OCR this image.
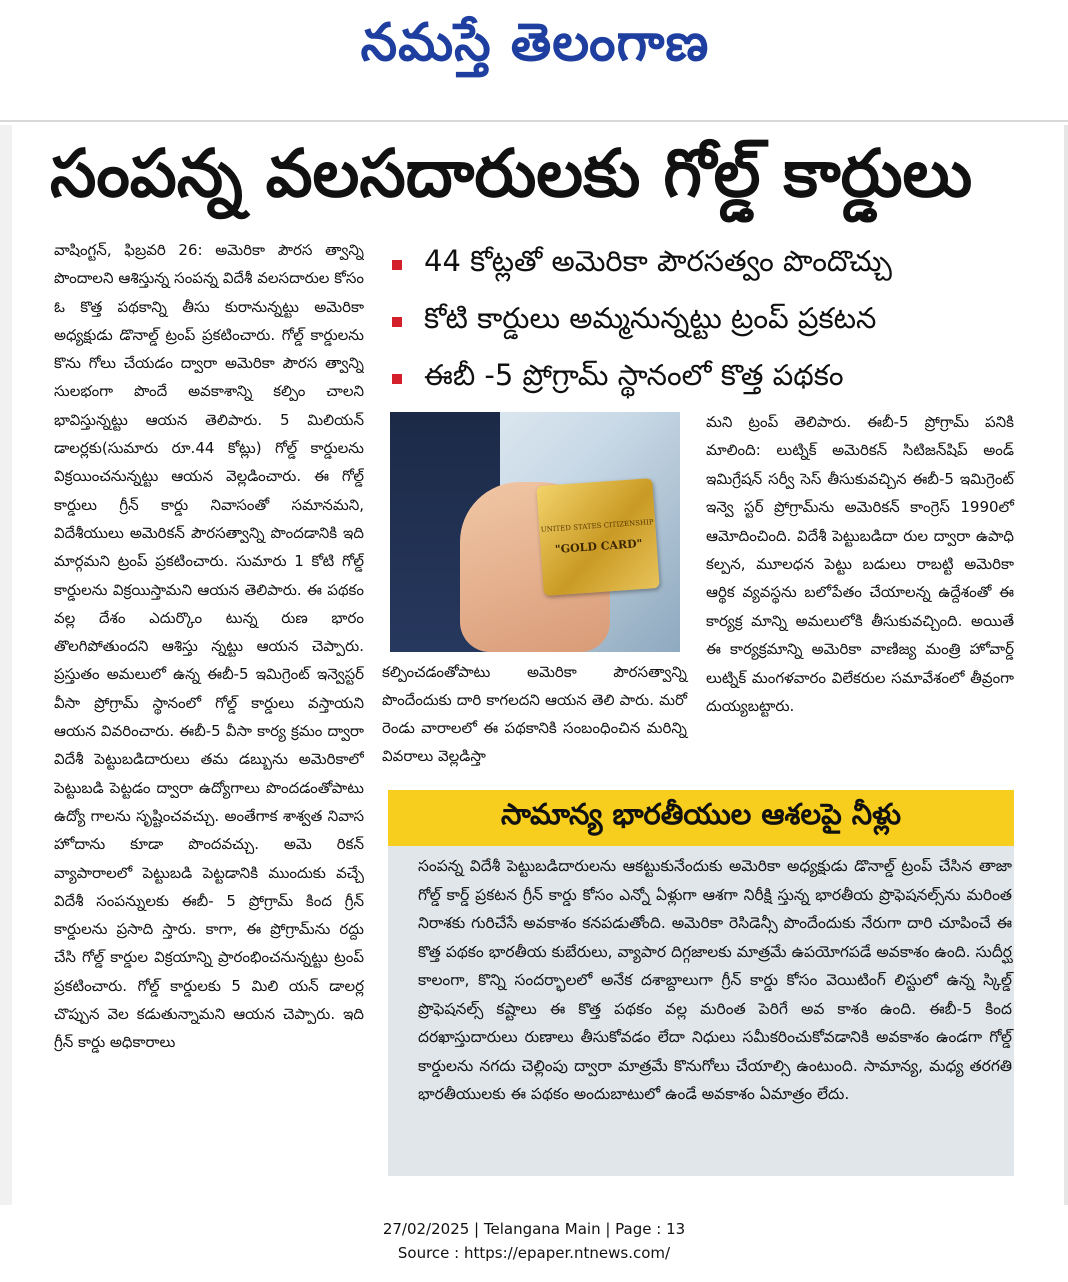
నమస్తే తెలంగాణ
సంపన్న వలసదారులకు గోల్డ్ కార్డులు
44 కోట్లతో అమెరికా పౌరసత్వం పొందొచ్చు
కోటి కార్డులు అమ్మనున్నట్టు ట్రంప్ ప్రకటన
ఈబీ -5 ప్రోగ్రామ్ స్థానంలో కొత్త పథకం
వాషింగ్టన్, ఫిబ్రవరి 26: అమెరికా పౌరస త్వాన్ని పొందాలని ఆశిస్తున్న సంపన్న విదేశీ వలసదారుల కోసం ఓ కొత్త పథకాన్ని తీసు కురానున్నట్టు అమెరికా అధ్యక్షుడు డొనాల్డ్ ట్రంప్ ప్రకటించారు. గోల్డ్ కార్డులను కొను గోలు చేయడం ద్వారా అమెరికా పౌరస త్వాన్ని సులభంగా పొందే అవకాశాన్ని కల్పిం చాలని భావిస్తున్నట్టు ఆయన తెలిపారు. 5 మిలియన్ డాలర్లకు(సుమారు రూ.44 కోట్లు) గోల్డ్ కార్డులను విక్రయించనున్నట్టు ఆయన వెల్లడించారు. ఈ గోల్డ్ కార్డులు గ్రీన్ కార్డు నివాసంతో సమానమని, విదేశీయులు అమెరికన్ పౌరసత్వాన్ని పొందడానికి ఇది మార్గమని ట్రంప్ ప్రకటించారు. సుమారు 1 కోటి గోల్డ్ కార్డులను విక్రయిస్తామని ఆయన తెలిపారు. ఈ పథకం వల్ల దేశం ఎదుర్కొం టున్న రుణ భారం తొలగిపోతుందని ఆశిస్తు న్నట్టు ఆయన చెప్పారు. ప్రస్తుతం అమలులో ఉన్న ఈబీ-5 ఇమిగ్రెంట్ ఇన్వెస్టర్ వీసా ప్రోగ్రామ్ స్థానంలో గోల్డ్ కార్డులు వస్తాయని ఆయన వివరించారు. ఈబీ-5 వీసా కార్య క్రమం ద్వారా విదేశీ పెట్టుబడిదారులు తమ డబ్బును అమెరికాలో పెట్టుబడి పెట్టడం ద్వారా ఉద్యోగాలు పొందడంతోపాటు ఉద్యో గాలను సృష్టించవచ్చు. అంతేగాక శాశ్వత నివాస హోదాను కూడా పొందవచ్చు. అమె రికన్ వ్యాపారాలలో పెట్టుబడి పెట్టడానికి ముందుకు వచ్చే విదేశీ సంపన్నులకు ఈబీ- 5 ప్రోగ్రామ్ కింద గ్రీన్ కార్డులను ప్రసాది స్తారు. కాగా, ఈ ప్రోగ్రామ్‌ను రద్దు చేసి గోల్డ్ కార్డుల విక్రయాన్ని ప్రారంభించనున్నట్టు ట్రంప్ ప్రకటించారు. గోల్డ్ కార్డులకు 5 మిలి యన్ డాలర్ల చొప్పున వెల కడుతున్నామని ఆయన చెప్పారు. ఇది గ్రీన్ కార్డు అధికారాలు
UNITED STATES CITIZENSHIP
"GOLD CARD"
కల్పించడంతోపాటు అమెరికా పౌరసత్వాన్ని పొందేందుకు దారి కాగలదని ఆయన తెలి పారు. మరో రెండు వారాలలో ఈ పథకానికి సంబంధించిన మరిన్ని వివరాలు వెల్లడిస్తా
మని ట్రంప్ తెలిపారు. ఈబీ-5 ప్రోగ్రామ్ పనికి మాలింది: లుట్నిక్ అమెరికన్ సిటిజన్‌షిప్ అండ్ ఇమిగ్రేషన్ సర్వీ సెస్ తీసుకువచ్చిన ఈబీ-5 ఇమిగ్రెంట్ ఇన్వె స్టర్ ప్రోగ్రామ్‌ను అమెరికన్ కాంగ్రెస్ 1990లో ఆమోదించింది. విదేశీ పెట్టుబడిదా రుల ద్వారా ఉపాధి కల్పన, మూలధన పెట్టు బడులు రాబట్టి అమెరికా ఆర్థిక వ్యవస్థను బలోపేతం చేయాలన్న ఉద్దేశంతో ఈ కార్యక్ర మాన్ని అమలులోకి తీసుకువచ్చింది. అయితే ఈ కార్యక్రమాన్ని అమెరికా వాణిజ్య మంత్రి హోవార్డ్ లుట్నిక్ మంగళవారం విలేకరుల సమావేశంలో తీవ్రంగా దుయ్యబట్టారు.
సామాన్య భారతీయుల ఆశలపై నీళ్లు
సంపన్న విదేశీ పెట్టుబడిదారులను ఆకట్టుకునేందుకు అమెరికా అధ్యక్షుడు డొనాల్డ్ ట్రంప్ చేసిన తాజా గోల్డ్ కార్డ్ ప్రకటన గ్రీన్ కార్డు కోసం ఎన్నో ఏళ్లుగా ఆశగా నిరీక్షి స్తున్న భారతీయ ప్రొఫెషనల్స్‌ను మరింత నిరాశకు గురిచేసే అవకాశం కనపడుతోంది. అమెరికా రెసిడెన్సీ పొందేందుకు నేరుగా దారి చూపించే ఈ కొత్త పథకం భారతీయ కుబేరులు, వ్యాపార దిగ్గజాలకు మాత్రమే ఉపయోగపడే అవకాశం ఉంది. సుదీర్ఘ కాలంగా, కొన్ని సందర్భాలలో అనేక దశాబ్దాలుగా గ్రీన్ కార్డు కోసం వెయిటింగ్ లిస్టులో ఉన్న స్కిల్డ్ ప్రొఫెషనల్స్ కష్టాలు ఈ కొత్త పథకం వల్ల మరింత పెరిగే అవ కాశం ఉంది. ఈబీ-5 కింద దరఖాస్తుదారులు రుణాలు తీసుకోవడం లేదా నిధులు సమీకరించుకోవడానికి అవకాశం ఉండగా గోల్డ్ కార్డులను నగదు చెల్లింపు ద్వారా మాత్రమే కొనుగోలు చేయాల్సి ఉంటుంది. సామాన్య, మధ్య తరగతి భారతీయులకు ఈ పథకం అందుబాటులో ఉండే అవకాశం ఏమాత్రం లేదు.
27/02/2025 | Telangana Main | Page : 13
Source : https://epaper.ntnews.com/
